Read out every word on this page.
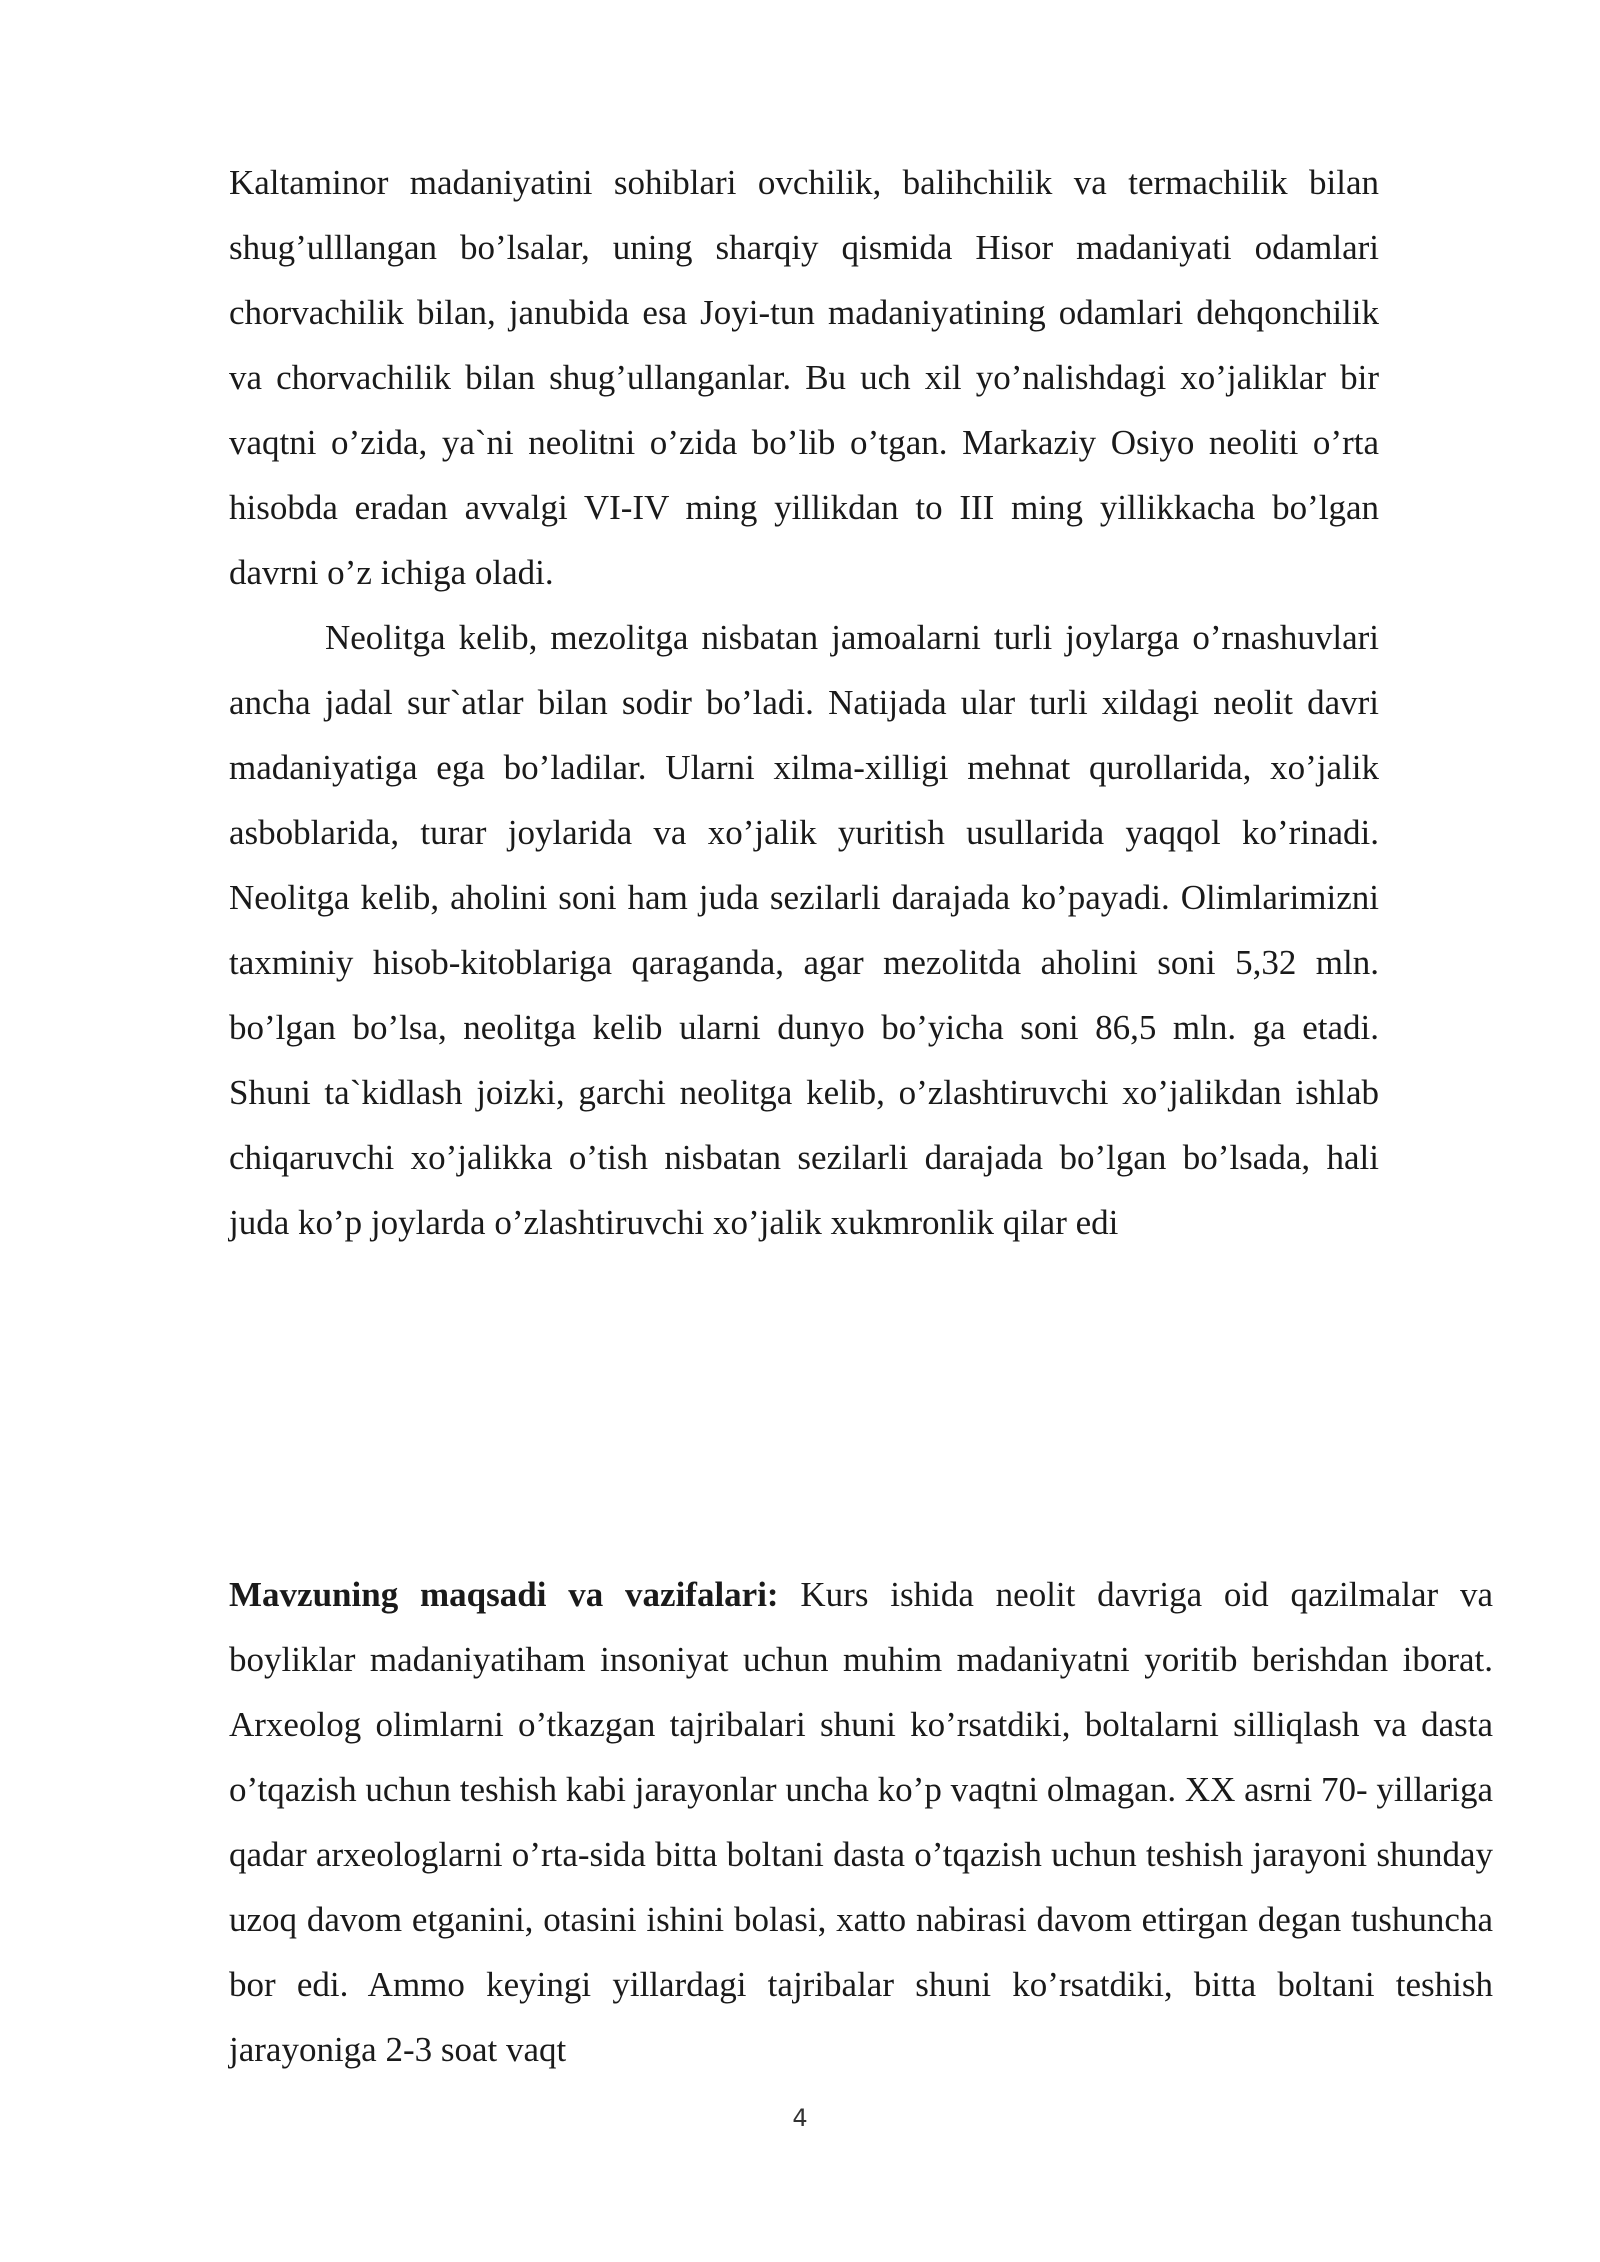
Kaltaminor madaniyatini sohiblari ovchilik, balihchilik va termachilik bilan shug’ulllangan bo’lsalar, uning sharqiy qismida Hisor madaniyati odamlari chorvachilik bilan, janubida esa Joyi-tun madaniyatining odamlari dehqonchilik va chorvachilik bilan shug’ullanganlar. Bu uch xil yo’nalishdagi xo’jaliklar bir vaqtni o’zida, ya`ni neolitni o’zida bo’lib o’tgan. Markaziy Osiyo neoliti o’rta hisobda eradan avvalgi VI-IV ming yillikdan to III ming yillikkacha bo’lgan davrni o’z ichiga oladi.

Neolitga kelib, mezolitga nisbatan jamoalarni turli joylarga o’rnashuvlari ancha jadal sur`atlar bilan sodir bo’ladi. Natijada ular turli xildagi neolit davri madaniyatiga ega bo’ladilar. Ularni xilma-xilligi mehnat qurollarida, xo’jalik asboblarida, turar joylarida va xo’jalik yuritish usullarida yaqqol ko’rinadi. Neolitga kelib, aholini soni ham juda sezilarli darajada ko’payadi. Olimlarimizni taxminiy hisob-kitoblariga qaraganda, agar mezolitda aholini soni 5,32 mln. bo’lgan bo’lsa, neolitga kelib ularni dunyo bo’yicha soni 86,5 mln. ga etadi. Shuni ta`kidlash joizki, garchi neolitga kelib, o’zlashtiruvchi xo’jalikdan ishlab chiqaruvchi xo’jalikka o’tish nisbatan sezilarli darajada bo’lgan bo’lsada, hali juda ko’p joylarda o’zlashtiruvchi xo’jalik xukmronlik qilar edi

Mavzuning maqsadi va vazifalari: Kurs ishida neolit davriga oid qazilmalar va boyliklar madaniyatiham insoniyat uchun muhim madaniyatni yoritib berishdan iborat. Arxeolog olimlarni o’tkazgan tajribalari shuni ko’rsatdiki, boltalarni silliqlash va dasta o’tqazish uchun teshish kabi jarayonlar uncha ko’p vaqtni olmagan. XX asrni 70- yillariga qadar arxeologlarni o’rta-sida bitta boltani dasta o’tqazish uchun teshish jarayoni shunday uzoq davom etganini, otasini ishini bolasi, xatto nabirasi davom ettirgan degan tushuncha bor edi. Ammo keyingi yillardagi tajribalar shuni ko’rsatdiki, bitta boltani teshish jarayoniga 2-3 soat vaqt

4
